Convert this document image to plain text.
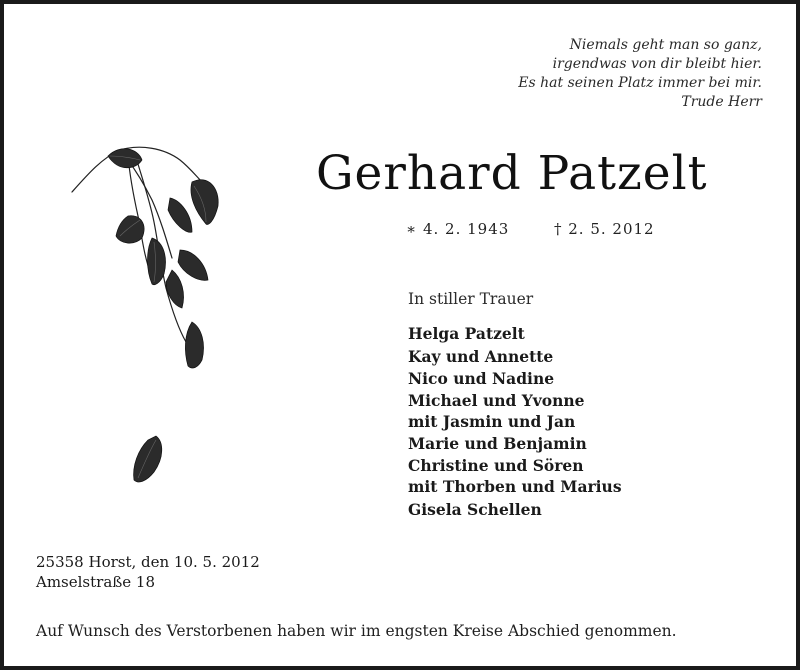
Niemals geht man so ganz,
irgendwas von dir bleibt hier.
Es hat seinen Platz immer bei mir.
Trude Herr
Gerhard Patzelt
∗ 4. 2. 1943	† 2. 5. 2012
In stiller Trauer
Helga Patzelt
Kay und Annette
Nico und Nadine
Michael und Yvonne
mit Jasmin und Jan
Marie und Benjamin
Christine und Sören
mit Thorben und Marius
Gisela Schellen
25358 Horst, den 10. 5. 2012
Amselstraße 18
Auf Wunsch des Verstorbenen haben wir im engsten Kreise Abschied genommen.
